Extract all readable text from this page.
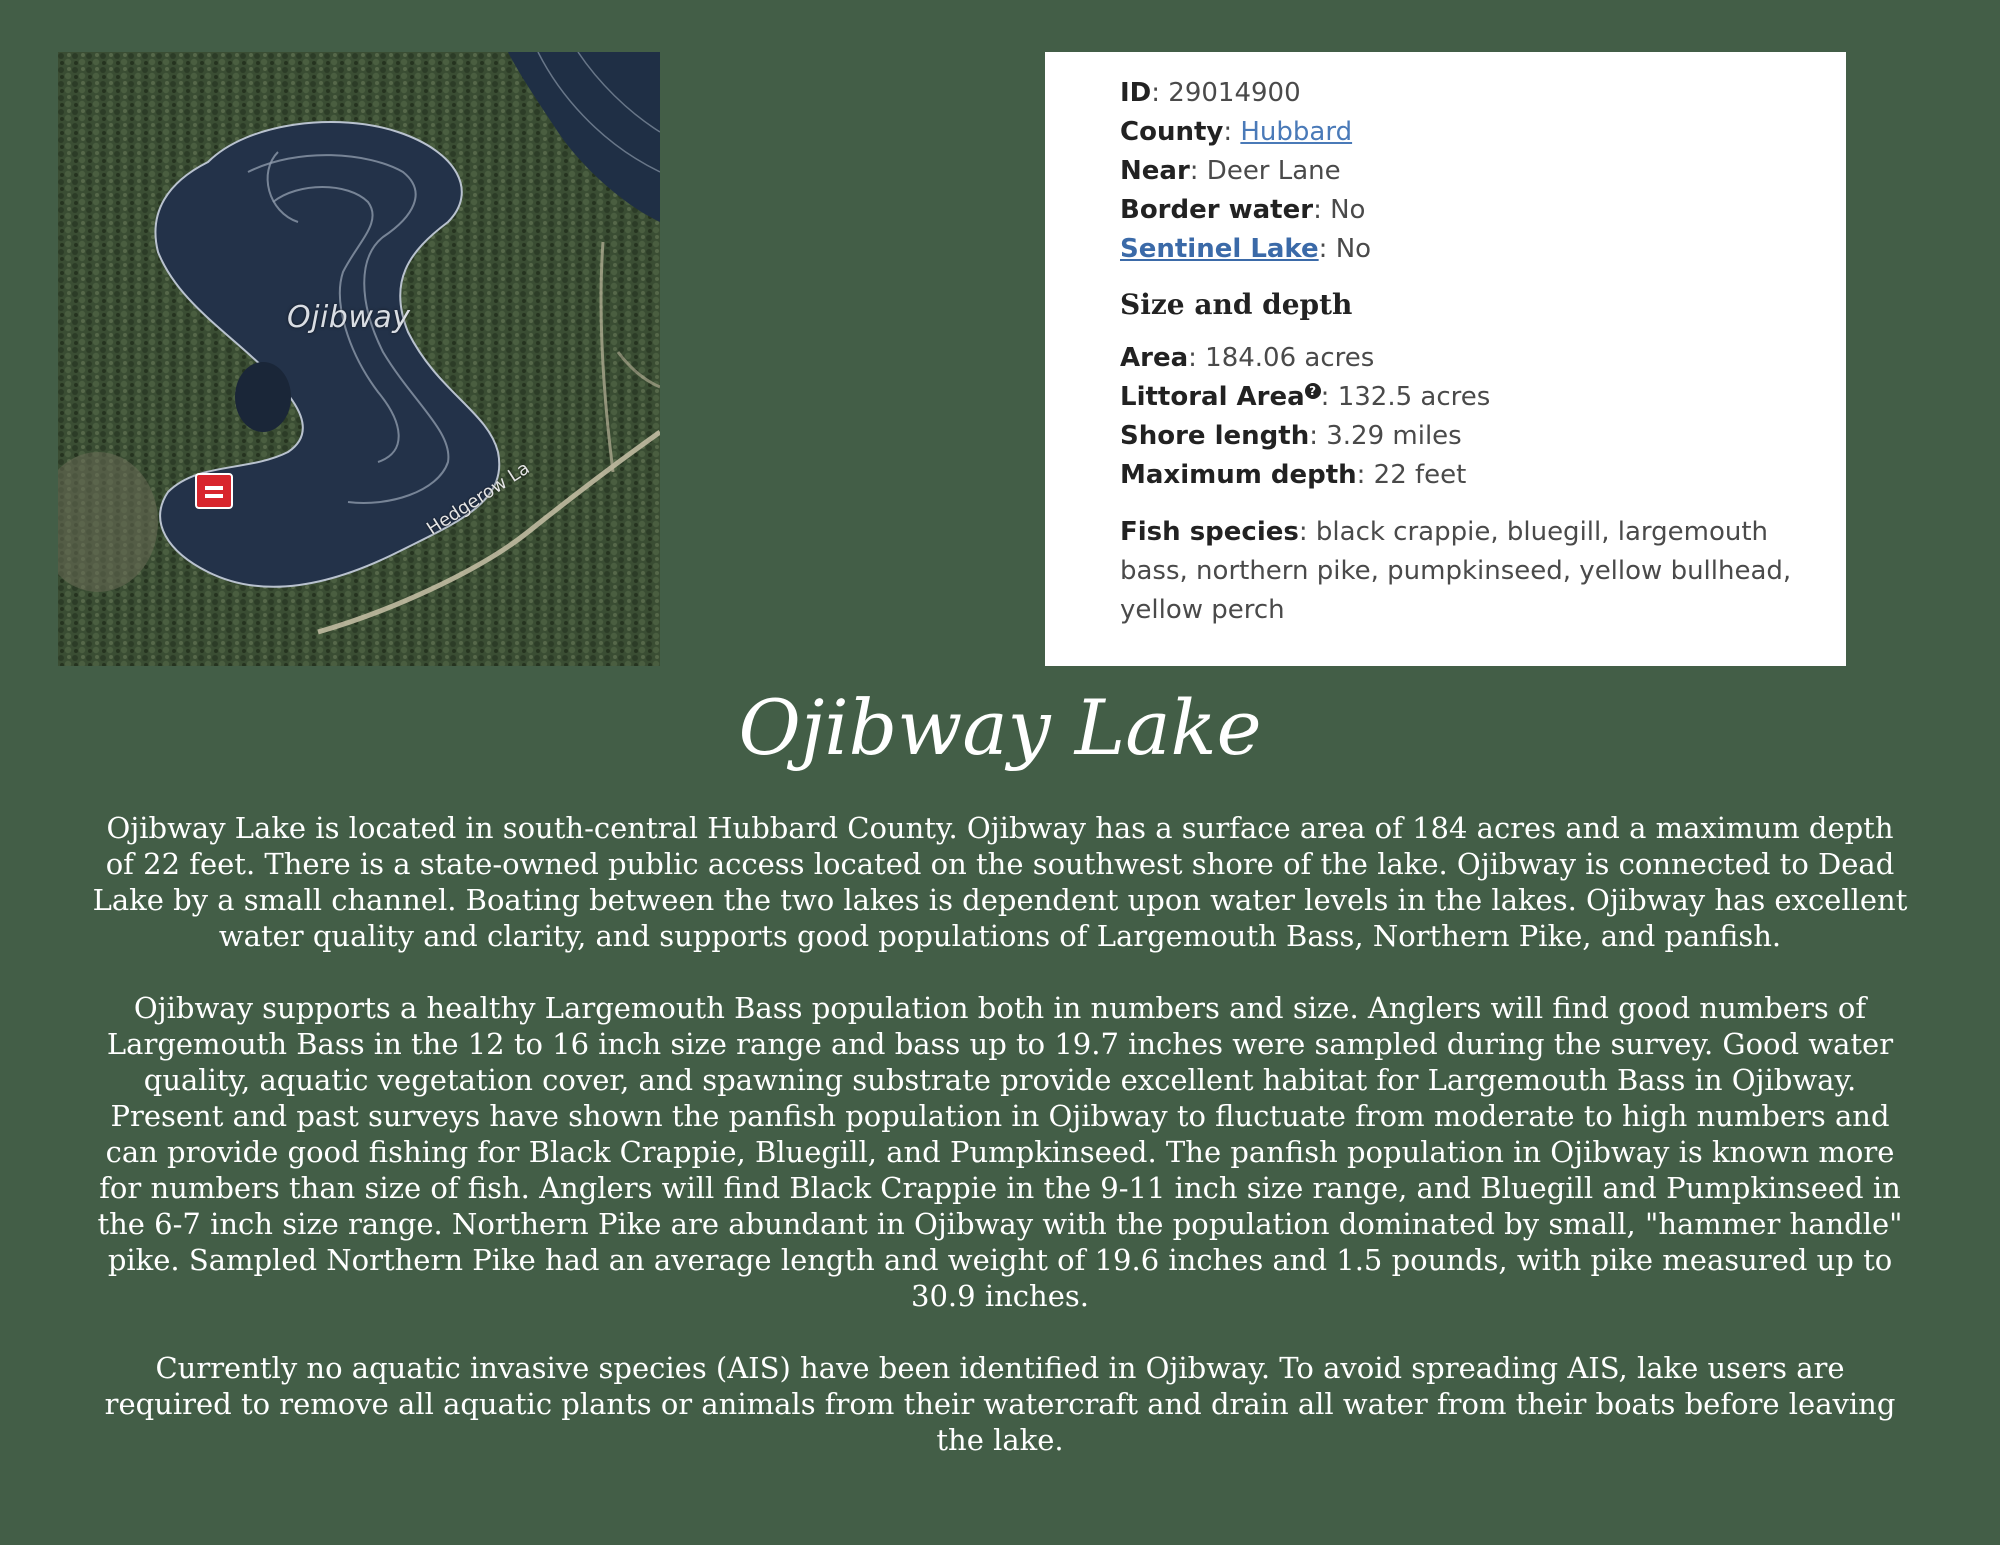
Ojibway
Hedgerow La
ID: 29014900
County: Hubbard
Near: Deer Lane
Border water: No
Sentinel Lake: No
Size and depth
Area: 184.06 acres
Littoral Area ? : 132.5 acres
Shore length: 3.29 miles
Maximum depth: 22 feet
Fish species: black crappie, bluegill, largemouth bass, northern pike, pumpkinseed, yellow bullhead, yellow perch
Ojibway Lake

Ojibway Lake is located in south-central Hubbard County. Ojibway has a surface area of 184 acres and a maximum depth of 22 feet. There is a state-owned public access located on the southwest shore of the lake. Ojibway is connected to Dead Lake by a small channel. Boating between the two lakes is dependent upon water levels in the lakes. Ojibway has excellent water quality and clarity, and supports good populations of Largemouth Bass, Northern Pike, and panfish.

Ojibway supports a healthy Largemouth Bass population both in numbers and size. Anglers will find good numbers of Largemouth Bass in the 12 to 16 inch size range and bass up to 19.7 inches were sampled during the survey. Good water quality, aquatic vegetation cover, and spawning substrate provide excellent habitat for Largemouth Bass in Ojibway. Present and past surveys have shown the panfish population in Ojibway to fluctuate from moderate to high numbers and can provide good fishing for Black Crappie, Bluegill, and Pumpkinseed. The panfish population in Ojibway is known more for numbers than size of fish. Anglers will find Black Crappie in the 9-11 inch size range, and Bluegill and Pumpkinseed in the 6-7 inch size range. Northern Pike are abundant in Ojibway with the population dominated by small, "hammer handle" pike. Sampled Northern Pike had an average length and weight of 19.6 inches and 1.5 pounds, with pike measured up to 30.9 inches.

Currently no aquatic invasive species (AIS) have been identified in Ojibway. To avoid spreading AIS, lake users are required to remove all aquatic plants or animals from their watercraft and drain all water from their boats before leaving the lake.
